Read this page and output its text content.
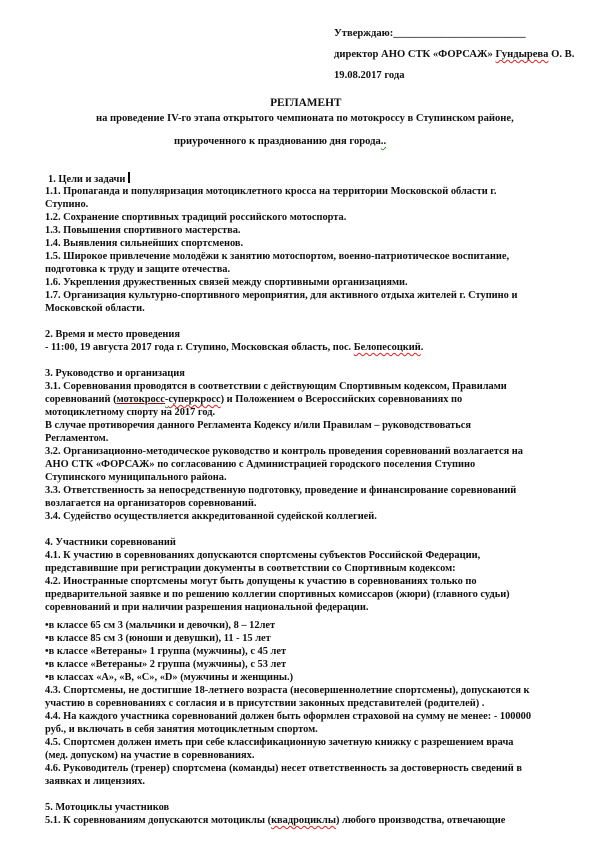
Утверждаю:_________________________
директор АНО СТК «ФОРСАЖ» Гундырева О. В.
19.08.2017 года
РЕГЛАМЕНТ
на проведение IV-го этапа открытого чемпионата по мотокроссу в Ступинском районе,
приуроченного к празднованию дня города..
1. Цели и задачи
1.1. Пропаганда и популяризация мотоциклетного кросса на территории Московской области г.
Ступино.
1.2. Сохранение спортивных традиций российского мотоспорта.
1.3. Повышения спортивного мастерства.
1.4. Выявления сильнейших спортсменов.
1.5. Широкое привлечение молодёжи к занятию мотоспортом, военно-патриотическое воспитание,
подготовка к труду и защите отечества.
1.6. Укрепления дружественных связей между спортивными организациями.
1.7. Организация культурно-спортивного мероприятия, для активного отдыха жителей г. Ступино и
Московской области.
2. Время и место проведения
- 11:00, 19 августа 2017 года г. Ступино, Московская область, пос. Белопесоцкий.
3. Руководство и организация
3.1. Соревнования проводятся в соответствии с действующим Спортивным кодексом, Правилами
соревнований (мотокросс-суперкросс) и Положением о Всероссийских соревнованиях по
мотоциклетному спорту на 2017 год.
В случае противоречия данного Регламента Кодексу и/или Правилам – руководствоваться
Регламентом.
3.2. Организационно-методическое руководство и контроль проведения соревнований возлагается на
АНО СТК «ФОРСАЖ» по согласованию с Администрацией городского поселения Ступино
Ступинского муниципального района.
3.3. Ответственность за непосредственную подготовку, проведение и финансирование соревнований
возлагается на организаторов соревнований.
3.4. Судейство осуществляется аккредитованной судейской коллегией.
4. Участники соревнований
4.1. К участию в соревнованиях допускаются спортсмены субъектов Российской Федерации,
представившие при регистрации документы в соответствии со Спортивным кодексом:
4.2. Иностранные спортсмены могут быть допущены к участию в соревнованиях только по
предварительной заявке и по решению коллегии спортивных комиссаров (жюри) (главного судьи)
соревнований и при наличии разрешения национальной федерации.
•в классе 65 см 3 (мальчики и девочки), 8 – 12лет
•в классе 85 см 3 (юноши и девушки), 11 - 15 лет
•в классе «Ветераны» 1 группа (мужчины), с 45 лет
•в классе «Ветераны» 2 группа (мужчины), с 53 лет
•в классах «А», «В, «С», «D» (мужчины и женщины.)
4.3. Спортсмены, не достигшие 18-летнего возраста (несовершеннолетние спортсмены), допускаются к
участию в соревнованиях с согласия и в присутствии законных представителей (родителей) .
4.4. На каждого участника соревнований должен быть оформлен страховой на сумму не менее: - 100000
руб., и включать в себя занятия мотоциклетным спортом.
4.5. Спортсмен должен иметь при себе классификационную зачетную книжку с разрешением врача
(мед. допуском) на участие в соревнованиях.
4.6. Руководитель (тренер) спортсмена (команды) несет ответственность за достоверность сведений в
заявках и лицензиях.
5. Мотоциклы участников
5.1. К соревнованиям допускаются мотоциклы (квадроциклы) любого производства, отвечающие
